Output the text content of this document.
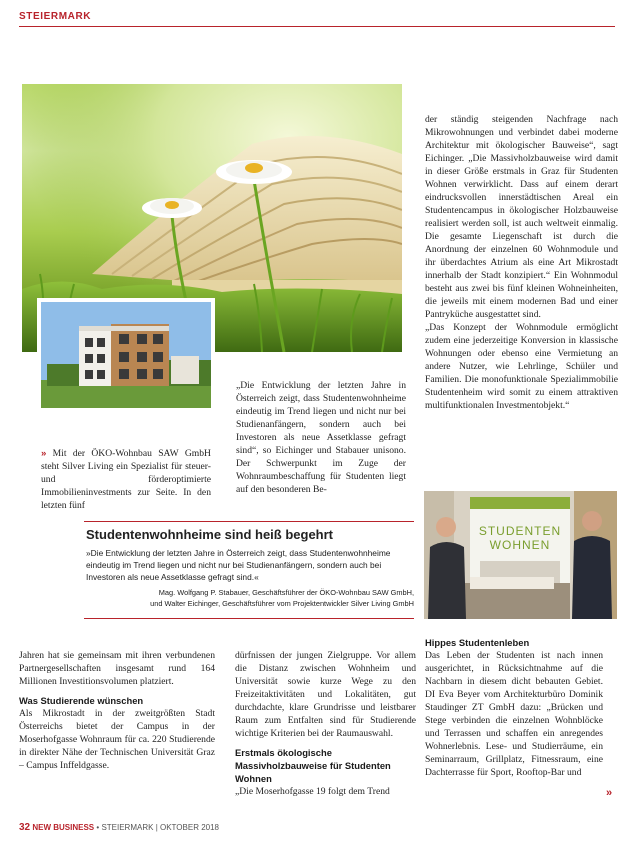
STEIERMARK

» Mit der ÖKO-Wohnbau SAW GmbH steht Silver Living ein Spezialist für steuer- und förderoptimierte Immobilieninvestments zur Seite. In den letzten fünf

„Die Entwicklung der letzten Jahre in Österreich zeigt, dass Studentenwohnheime eindeutig im Trend liegen und nicht nur bei Studienanfängern, sondern auch bei Investoren als neue Assetklasse gefragt sind“, so Eichinger und Stabauer unisono. Der Schwerpunkt im Zuge der Wohnraumbeschaffung für Studenten liegt auf den besonderen Be-

der ständig steigenden Nachfrage nach Mikrowohnungen und verbindet dabei moderne Architektur mit ökologischer Bauweise“, sagt Eichinger. „Die Massivholzbauweise wird damit in dieser Größe erstmals in Graz für Studenten Wohnen verwirklicht. Dass auf einem derart eindrucksvollen innerstädtischen Areal ein Studentencampus in ökologischer Holzbauweise realisiert werden soll, ist auch weltweit einmalig. Die gesamte Liegenschaft ist durch die Anordnung der einzelnen 60 Wohnmodule und ihr überdachtes Atrium als eine Art Mikrostadt innerhalb der Stadt konzipiert.“ Ein Wohnmodul besteht aus zwei bis fünf kleinen Wohneinheiten, die jeweils mit einem modernen Bad und einer Pantryküche ausgestattet sind.

„Das Konzept der Wohnmodule ermöglicht zudem eine jederzeitige Konversion in klassische Wohnungen oder ebenso eine Vermietung an andere Nutzer, wie Lehrlinge, Schüler und Familien. Die monofunktionale Spezialimmobilie Studentenheim wird somit zu einem attraktiven multifunktionalen Investmentobjekt.“

Studentenwohnheime sind heiß begehrt
»Die Entwicklung der letzten Jahre in Österreich zeigt, dass Studentenwohnheime eindeutig im Trend liegen und nicht nur bei Studienanfängern, sondern auch bei Investoren als neue Assetklasse gefragt sind.«
Mag. Wolfgang P. Stabauer, Geschäftsführer der ÖKO-Wohnbau SAW GmbH,
und Walter Eichinger, Geschäftsführer vom Projektentwickler Silver Living GmbH
STUDENTEN
WOHNEN

Jahren hat sie gemeinsam mit ihren verbundenen Partnergesellschaften insgesamt rund 164 Millionen Investitionsvolumen platziert.

Was Studierende wünschen

Als Mikrostadt in der zweitgrößten Stadt Österreichs bietet der Campus in der Moserhofgasse Wohnraum für ca. 220 Studierende in direkter Nähe der Technischen Universität Graz – Campus Inffeldgasse.

dürfnissen der jungen Zielgruppe. Vor allem die Distanz zwischen Wohnheim und Universität sowie kurze Wege zu den Freizeitaktivitäten und Lokalitäten, gut durchdachte, klare Grundrisse und leistbarer Raum zum Entfalten sind für Studierende wichtige Kriterien bei der Raumauswahl.

Erstmals ökologische Massivholzbauweise für Studenten Wohnen

„Die Moserhofgasse 19 folgt dem Trend

Hippes Studentenleben

Das Leben der Studenten ist nach innen ausgerichtet, in Rücksichtnahme auf die Nachbarn in diesem dicht bebauten Gebiet. DI Eva Beyer vom Architekturbüro Dominik Staudinger ZT GmbH dazu: „Brücken und Stege verbinden die einzelnen Wohnblöcke und Terrassen und schaffen ein anregendes Wohnerlebnis. Lese- und Studierräume, ein Seminarraum, Grillplatz, Fitnessraum, eine Dachterrasse für Sport, Rooftop-Bar und

»
32 NEW BUSINESS • STEIERMARK | OKTOBER 2018
